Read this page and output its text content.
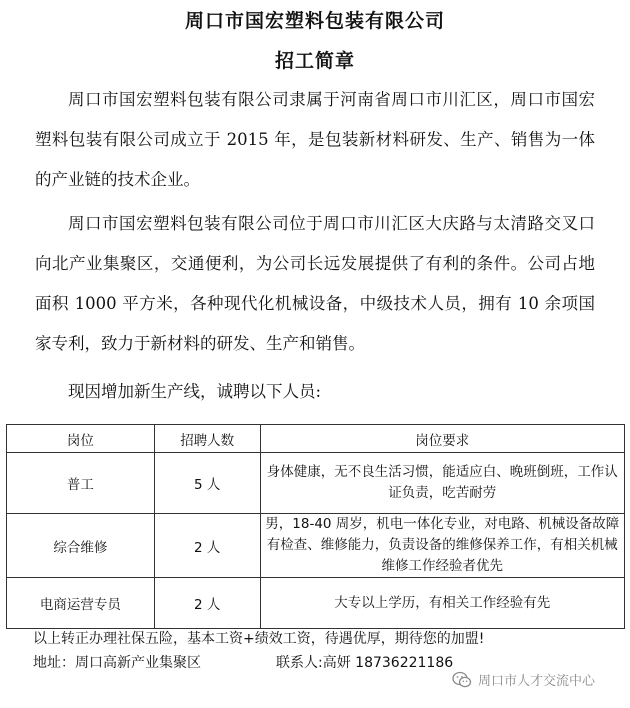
周口市国宏塑料包装有限公司
招工简章

周口市国宏塑料包装有限公司隶属于河南省周口市川汇区，周口市国宏塑料包装有限公司成立于 2015 年，是包装新材料研发、生产、销售为一体的产业链的技术企业。

周口市国宏塑料包装有限公司位于周口市川汇区大庆路与太清路交叉口向北产业集聚区，交通便利，为公司长远发展提供了有利的条件。公司占地面积 1000 平方米，各种现代化机械设备，中级技术人员，拥有 10 余项国家专利，致力于新材料的研发、生产和销售。

现因增加新生产线，诚聘以下人员:

岗位	招聘人数	岗位要求
普工	5 人	身体健康，无不良生活习惯，能适应白、晚班倒班，工作认证负责，吃苦耐劳
综合维修	2 人	男，18-40 周岁，机电一体化专业，对电路、机械设备故障有检查、维修能力，负责设备的维修保养工作，有相关机械维修工作经验者优先
电商运营专员	2 人	大专以上学历，有相关工作经验有先
以上转正办理社保五险，基本工资+绩效工资，待遇优厚，期待您的加盟!
地址：周口高新产业集聚区	联系人:高妍 18736221186
周口市人才交流中心
